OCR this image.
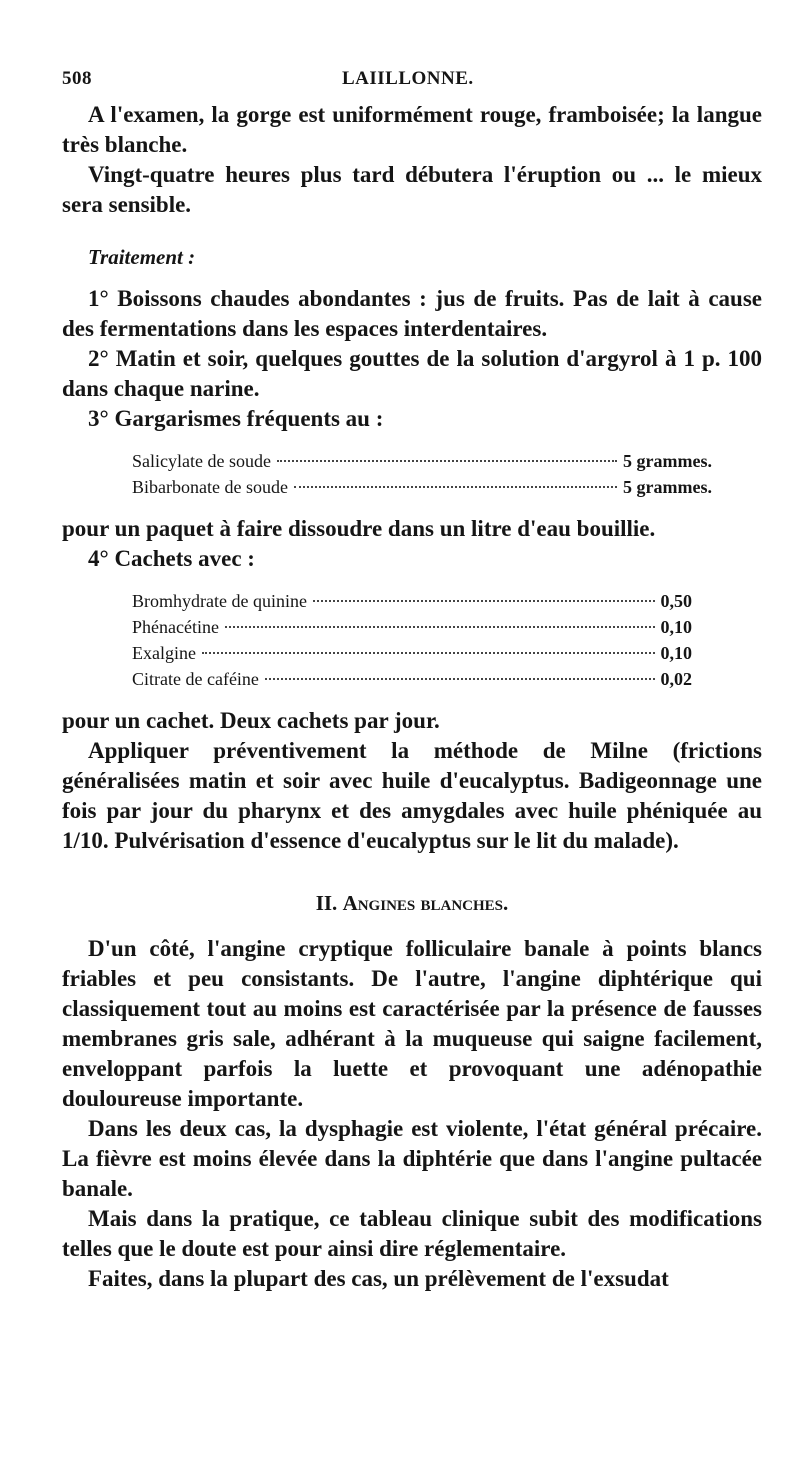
508	LAIILLONNE.

A l'examen, la gorge est uniformément rouge, framboisée; la langue très blanche.

Vingt-quatre heures plus tard débutera l'éruption ou ... le mieux sera sensible.

Traitement :

1° Boissons chaudes abondantes : jus de fruits. Pas de lait à cause des fermentations dans les espaces interdentaires.

2° Matin et soir, quelques gouttes de la solution d'argyrol à 1 p. 100 dans chaque narine.

3° Gargarismes fréquents au :

Salicylate de soude	5 grammes.
Bibarbonate de soude	5 grammes.

pour un paquet à faire dissoudre dans un litre d'eau bouillie.

4° Cachets avec :

Bromhydrate de quinine	0,50
Phénacétine	0,10
Exalgine	0,10
Citrate de caféine	0,02

pour un cachet. Deux cachets par jour.

Appliquer préventivement la méthode de Milne (frictions généralisées matin et soir avec huile d'eucalyptus. Badigeonnage une fois par jour du pharynx et des amygdales avec huile phéniquée au 1/10. Pulvérisation d'essence d'eucalyptus sur le lit du malade).

II. Angines blanches.

D'un côté, l'angine cryptique folliculaire banale à points blancs friables et peu consistants. De l'autre, l'angine diphtérique qui classiquement tout au moins est caractérisée par la présence de fausses membranes gris sale, adhérant à la muqueuse qui saigne facilement, enveloppant parfois la luette et provoquant une adénopathie douloureuse importante.

Dans les deux cas, la dysphagie est violente, l'état général précaire. La fièvre est moins élevée dans la diphtérie que dans l'angine pultacée banale.

Mais dans la pratique, ce tableau clinique subit des modifications telles que le doute est pour ainsi dire réglementaire.

Faites, dans la plupart des cas, un prélèvement de l'exsudat
